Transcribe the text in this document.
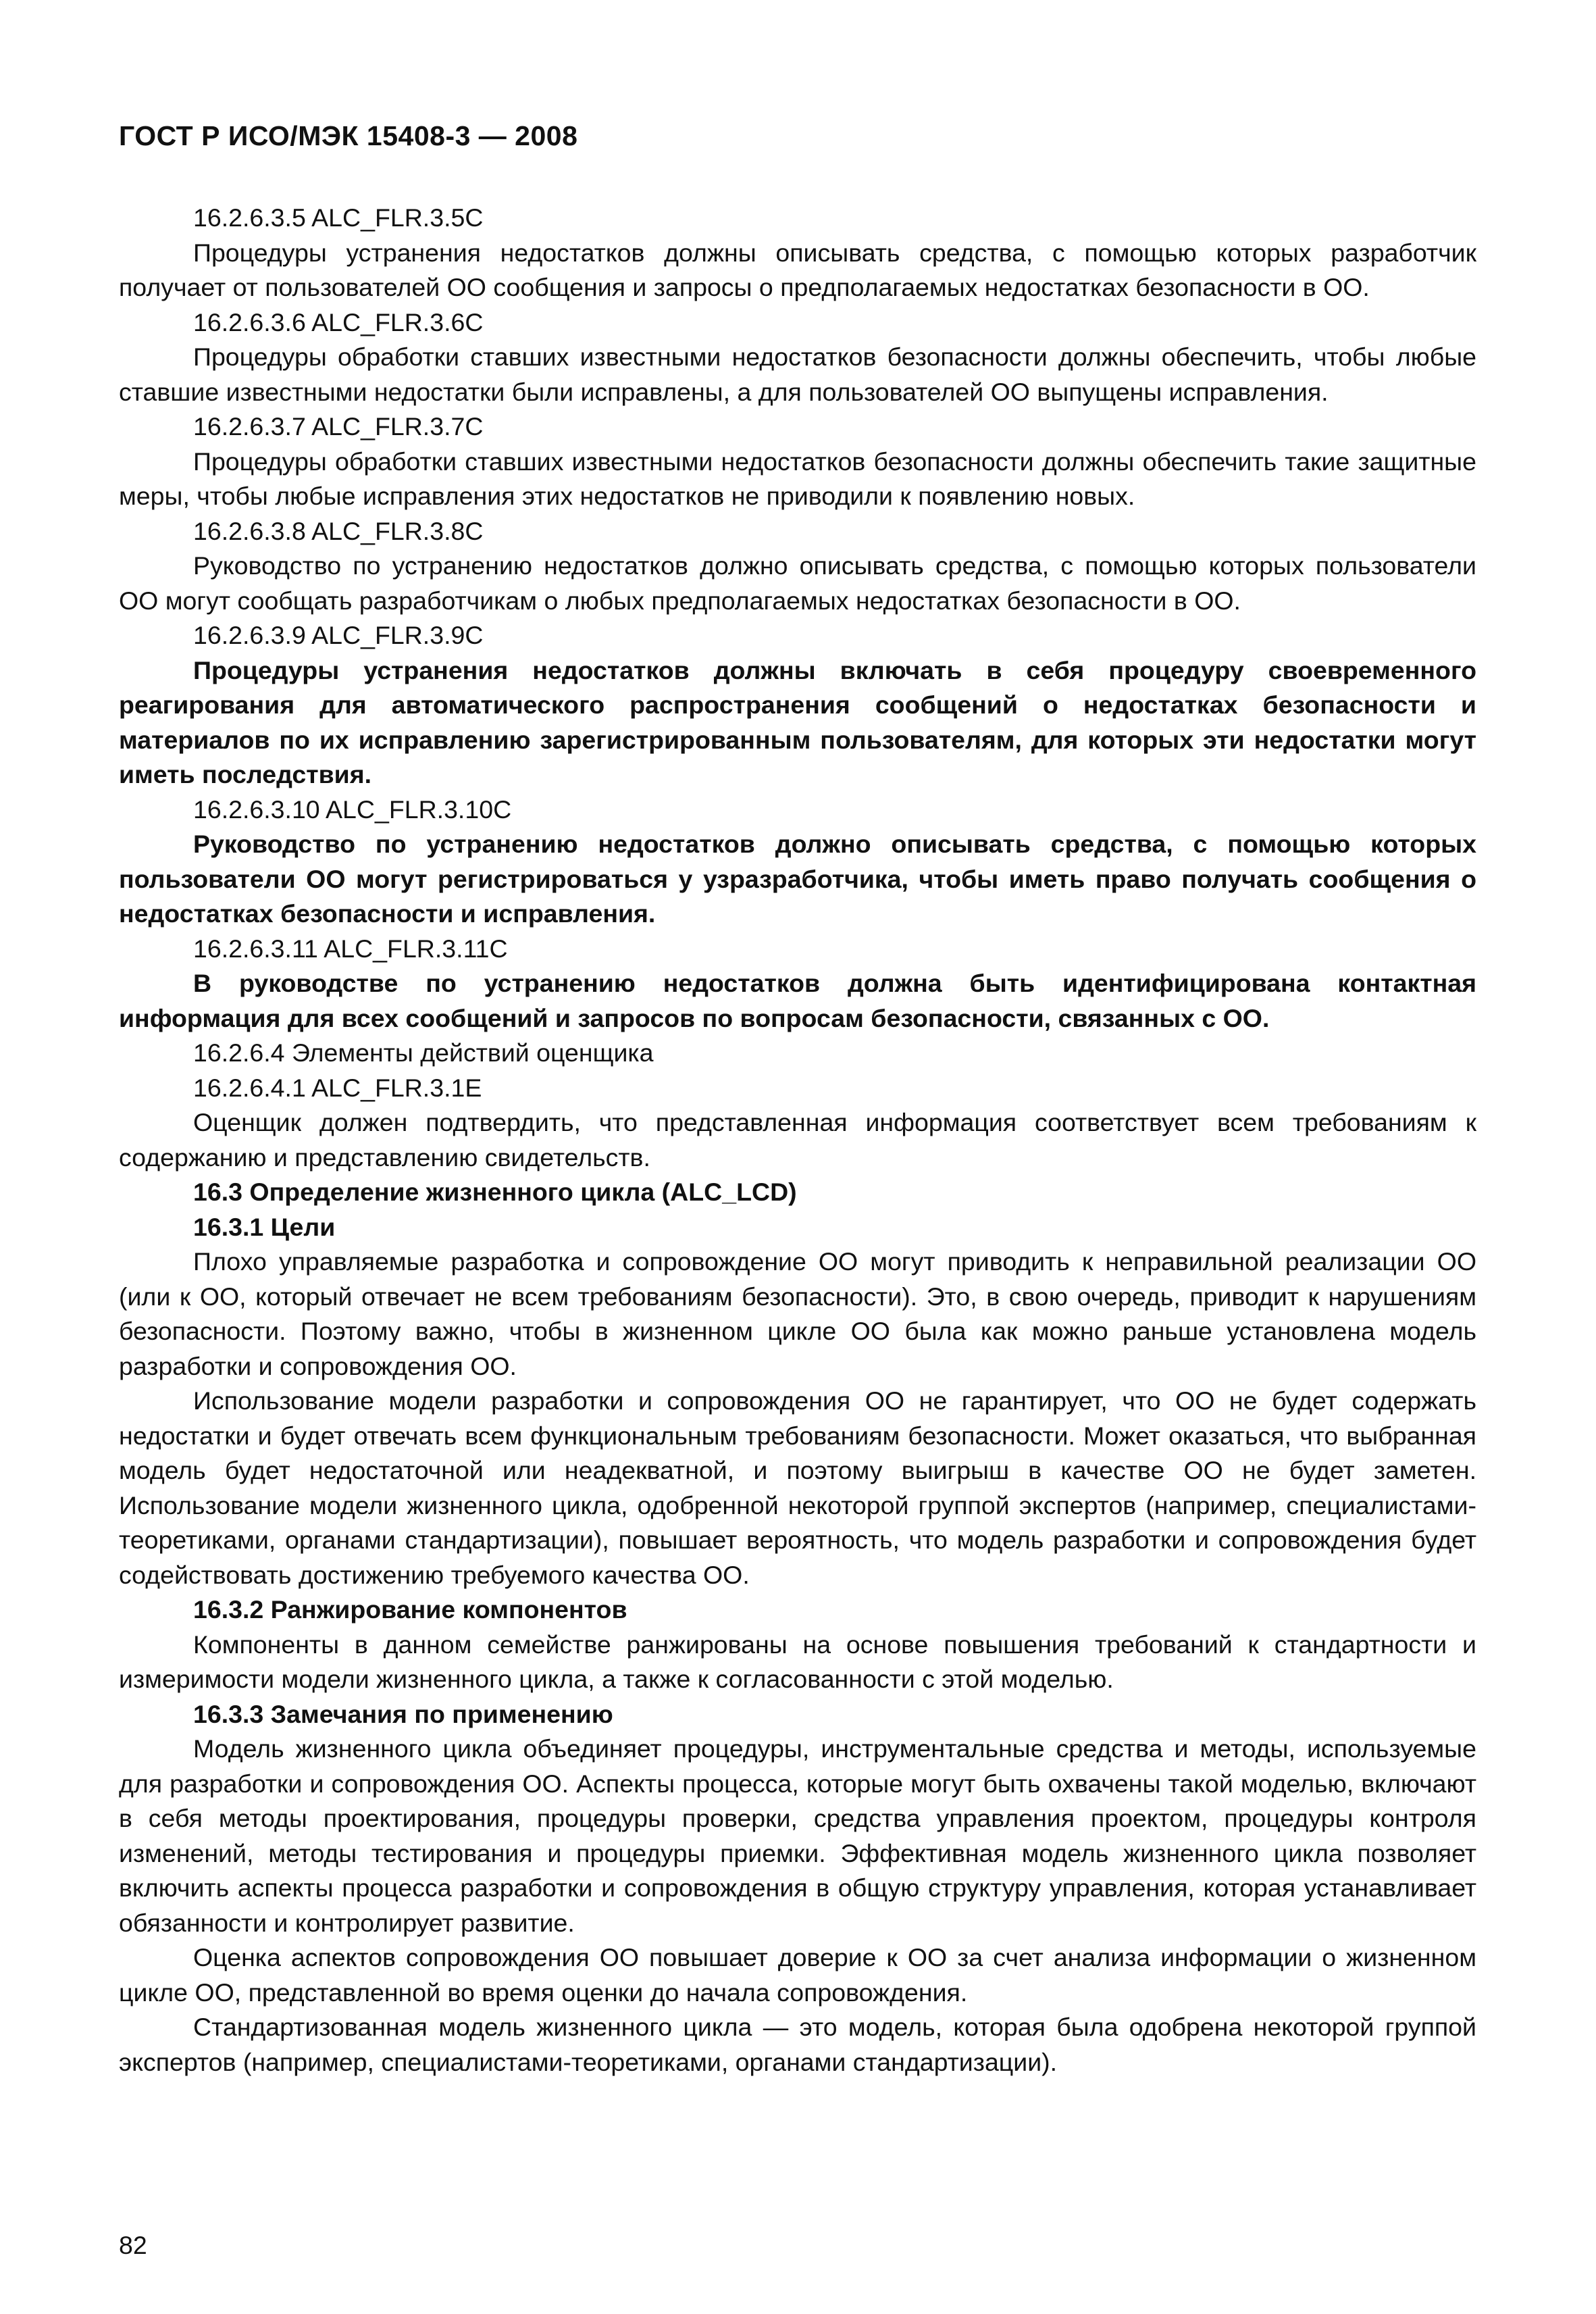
ГОСТ Р ИСО/МЭК 15408-3 — 2008

16.2.6.3.5 ALC_FLR.3.5C

Процедуры устранения недостатков должны описывать средства, с помощью которых разработчик получает от пользователей ОО сообщения и запросы о предполагаемых недостатках безопасности в ОО.

16.2.6.3.6 ALC_FLR.3.6C

Процедуры обработки ставших известными недостатков безопасности должны обеспечить, чтобы любые ставшие известными недостатки были исправлены, а для пользователей ОО выпущены исправления.

16.2.6.3.7 ALC_FLR.3.7C

Процедуры обработки ставших известными недостатков безопасности должны обеспечить такие защитные меры, чтобы любые исправления этих недостатков не приводили к появлению новых.

16.2.6.3.8 ALC_FLR.3.8C

Руководство по устранению недостатков должно описывать средства, с помощью которых пользователи ОО могут сообщать разработчикам о любых предполагаемых недостатках безопасности в ОО.

16.2.6.3.9 ALC_FLR.3.9C

Процедуры устранения недостатков должны включать в себя процедуру своевременного реагирования для автоматического распространения сообщений о недостатках безопасности и материалов по их исправлению зарегистрированным пользователям, для которых эти недостатки могут иметь последствия.

16.2.6.3.10 ALC_FLR.3.10C

Руководство по устранению недостатков должно описывать средства, с помощью которых пользователи ОО могут регистрироваться у узразработчика, чтобы иметь право получать сообщения о недостатках безопасности и исправления.

16.2.6.3.11 ALC_FLR.3.11C

В руководстве по устранению недостатков должна быть идентифицирована контактная информация для всех сообщений и запросов по вопросам безопасности, связанных с ОО.

16.2.6.4 Элементы действий оценщика

16.2.6.4.1 ALC_FLR.3.1E

Оценщик должен подтвердить, что представленная информация соответствует всем требованиям к содержанию и представлению свидетельств.

16.3 Определение жизненного цикла (ALC_LCD)

16.3.1 Цели

Плохо управляемые разработка и сопровождение ОО могут приводить к неправильной реализации ОО (или к ОО, который отвечает не всем требованиям безопасности). Это, в свою очередь, приводит к нарушениям безопасности. Поэтому важно, чтобы в жизненном цикле ОО была как можно раньше установлена модель разработки и сопровождения ОО.

Использование модели разработки и сопровождения ОО не гарантирует, что ОО не будет содержать недостатки и будет отвечать всем функциональным требованиям безопасности. Может оказаться, что выбранная модель будет недостаточной или неадекватной, и поэтому выигрыш в качестве ОО не будет заметен. Использование модели жизненного цикла, одобренной некоторой группой экспертов (например, специалистами-теоретиками, органами стандартизации), повышает вероятность, что модель разработки и сопровождения будет содействовать достижению требуемого качества ОО.

16.3.2 Ранжирование компонентов

Компоненты в данном семействе ранжированы на основе повышения требований к стандартности и измеримости модели жизненного цикла, а также к согласованности с этой моделью.

16.3.3 Замечания по применению

Модель жизненного цикла объединяет процедуры, инструментальные средства и методы, используемые для разработки и сопровождения ОО. Аспекты процесса, которые могут быть охвачены такой моделью, включают в себя методы проектирования, процедуры проверки, средства управления проектом, процедуры контроля изменений, методы тестирования и процедуры приемки. Эффективная модель жизненного цикла позволяет включить аспекты процесса разработки и сопровождения в общую структуру управления, которая устанавливает обязанности и контролирует развитие.

Оценка аспектов сопровождения ОО повышает доверие к ОО за счет анализа информации о жизненном цикле ОО, представленной во время оценки до начала сопровождения.

Стандартизованная модель жизненного цикла — это модель, которая была одобрена некоторой группой экспертов (например, специалистами-теоретиками, органами стандартизации).

82
